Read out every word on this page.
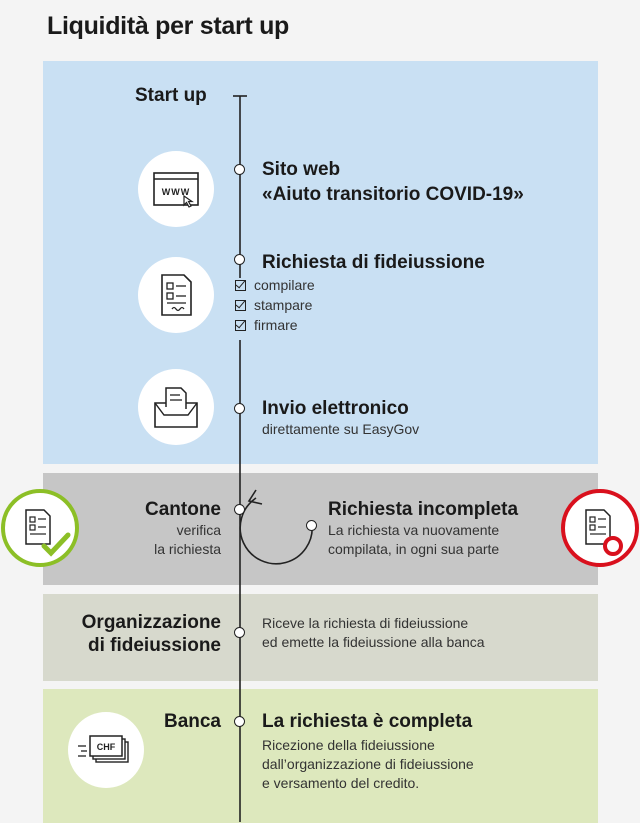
Liquidità per start up
Start up
WWW
Sito web
«Aiuto transitorio COVID-19»
Richiesta di fideiussione
compilare
stampare
firmare
Invio elettronico
direttamente su EasyGov
Cantone
verifica
la richiesta
Richiesta incompleta
La richiesta va nuovamente
compilata, in ogni sua parte
Organizzazione
di fideiussione
Riceve la richiesta di fideiussione
ed emette la fideiussione alla banca
CHF
Banca La richiesta è completa
Ricezione della fideiussione
dall’organizzazione di fideiussione
e versamento del credito.
